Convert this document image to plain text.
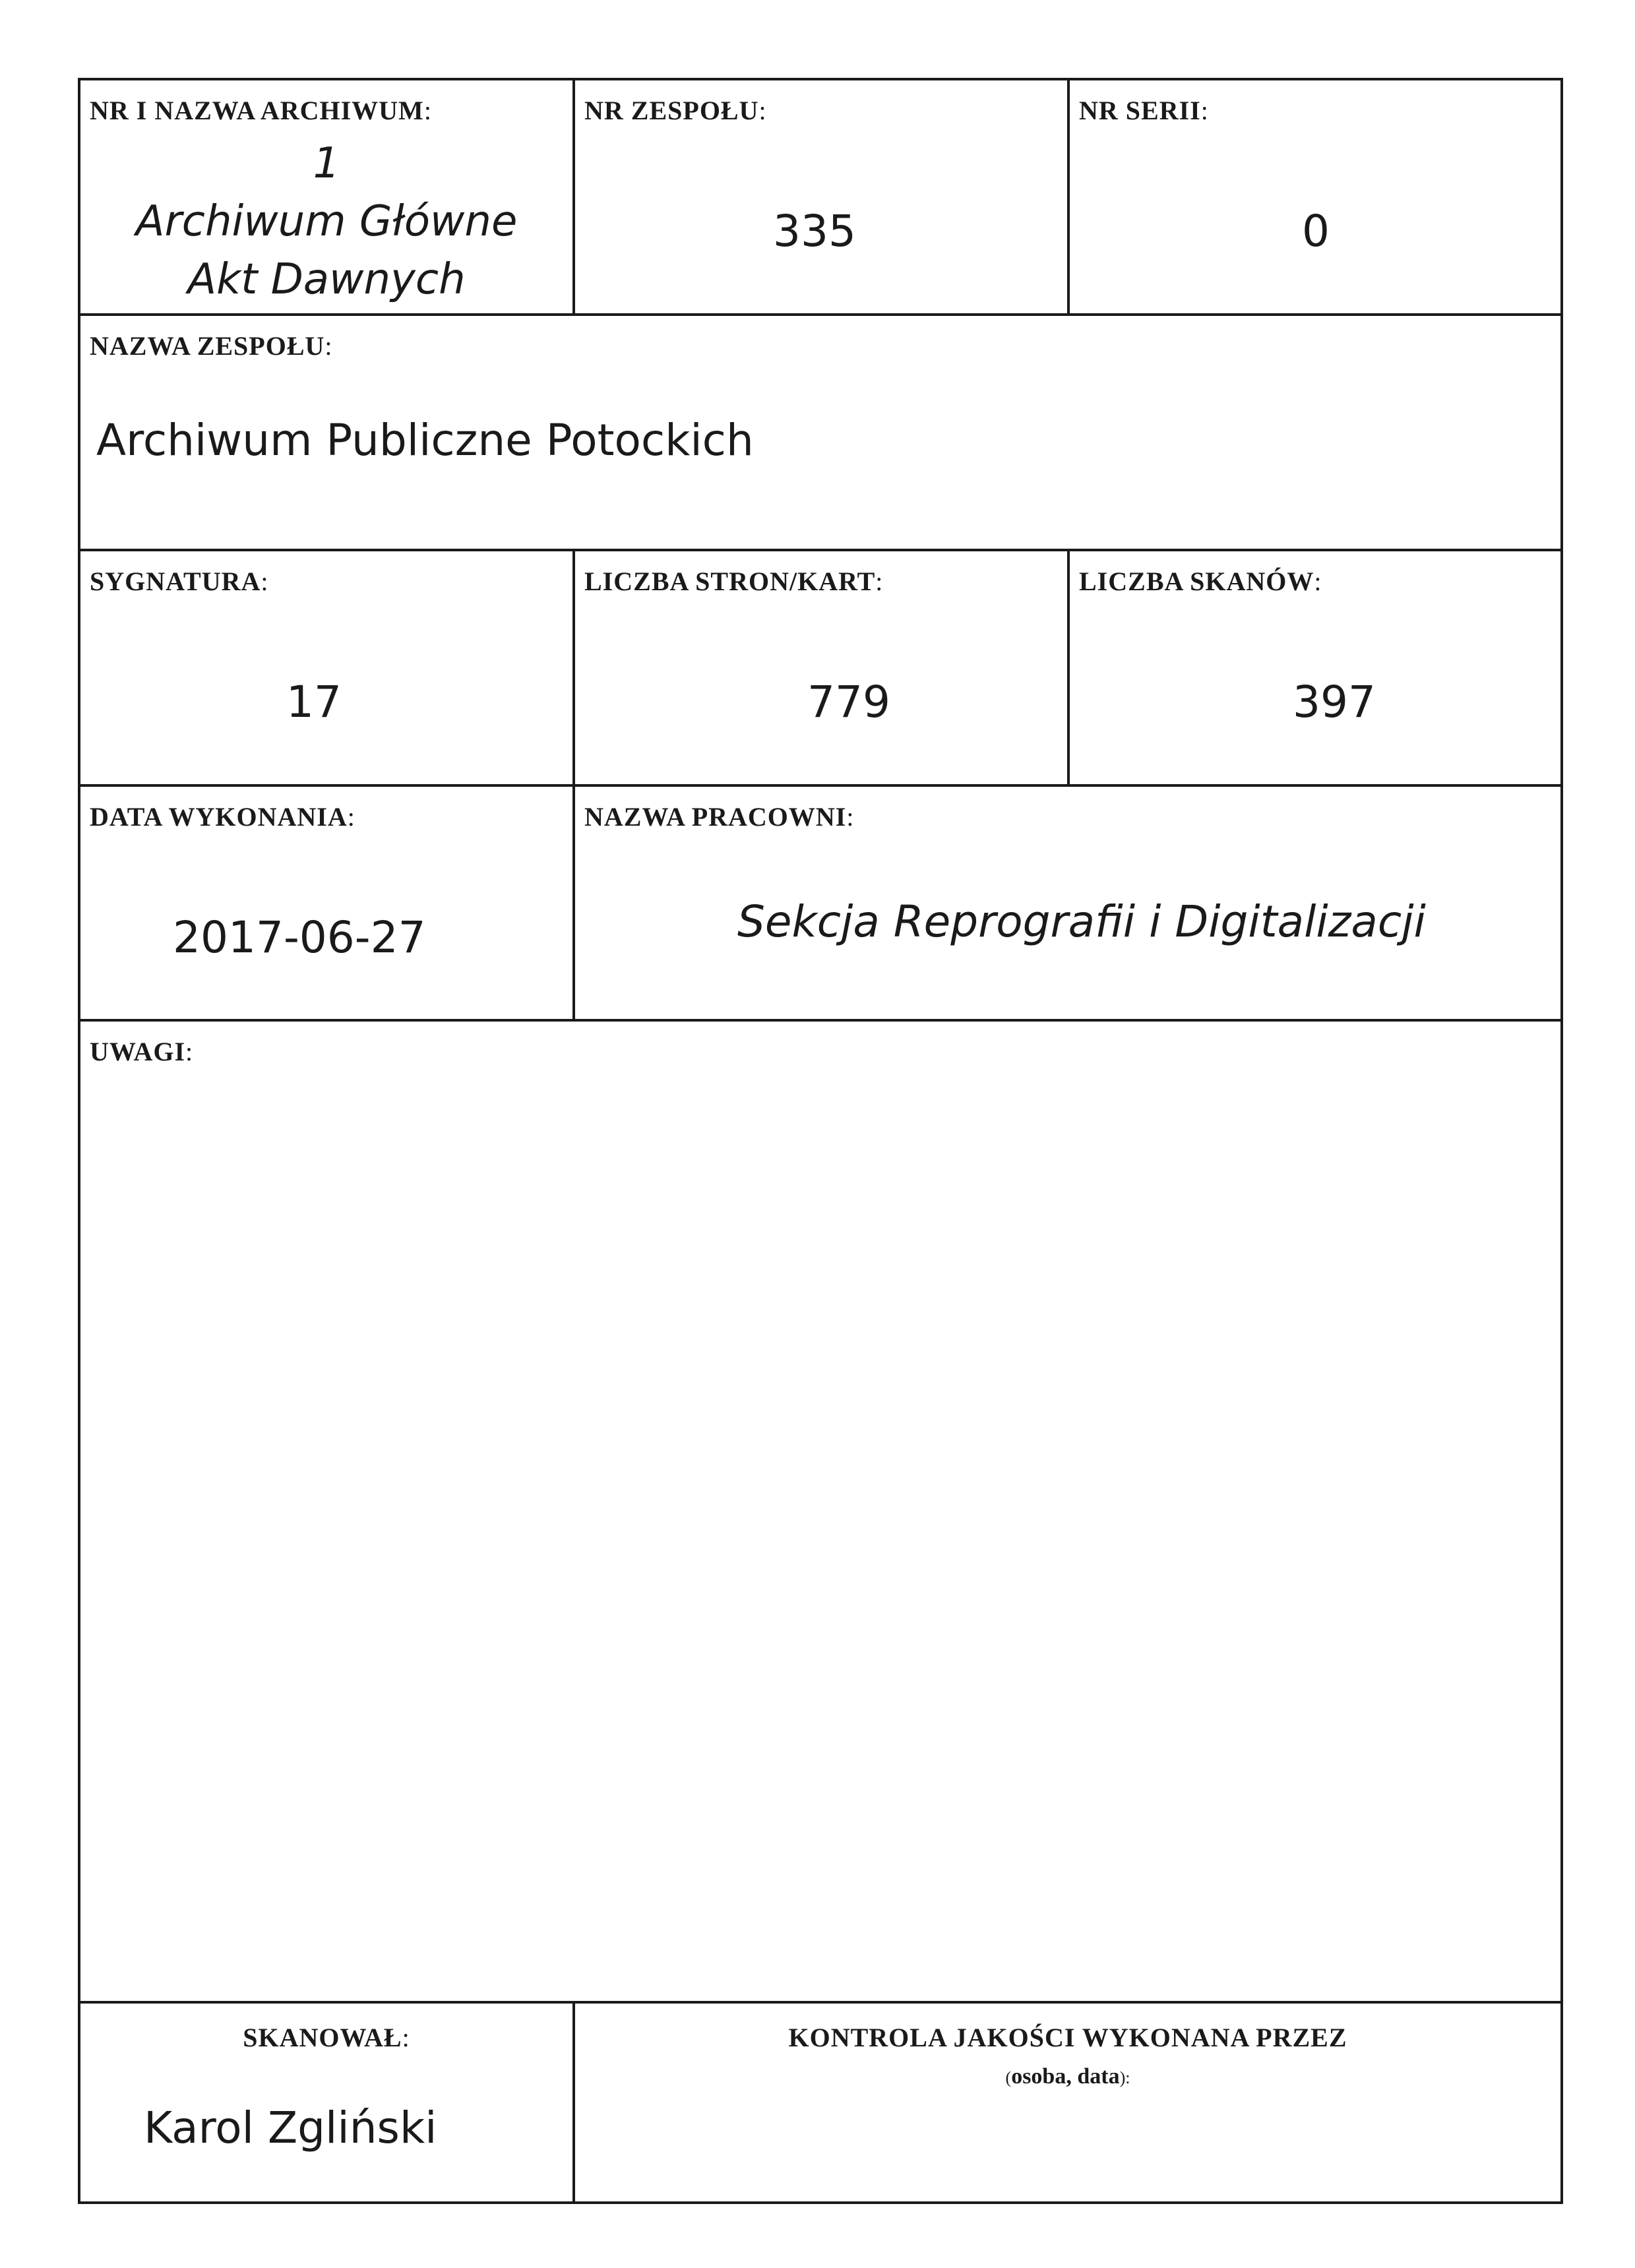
NR I NAZWA ARCHIWUM:
1
Archiwum Główne
Akt Dawnych
NR ZESPOŁU:
335
NR SERII:
0
NAZWA ZESPOŁU:
Archiwum Publiczne Potockich
SYGNATURA:
17
LICZBA STRON/KART:
779
LICZBA SKANÓW:
397
DATA WYKONANIA:
2017-06-27
NAZWA PRACOWNI:
Sekcja Reprografii i Digitalizacji
UWAGI:
SKANOWAŁ:
Karol Zgliński
KONTROLA JAKOŚCI WYKONANA PRZEZ
(osoba, data):
